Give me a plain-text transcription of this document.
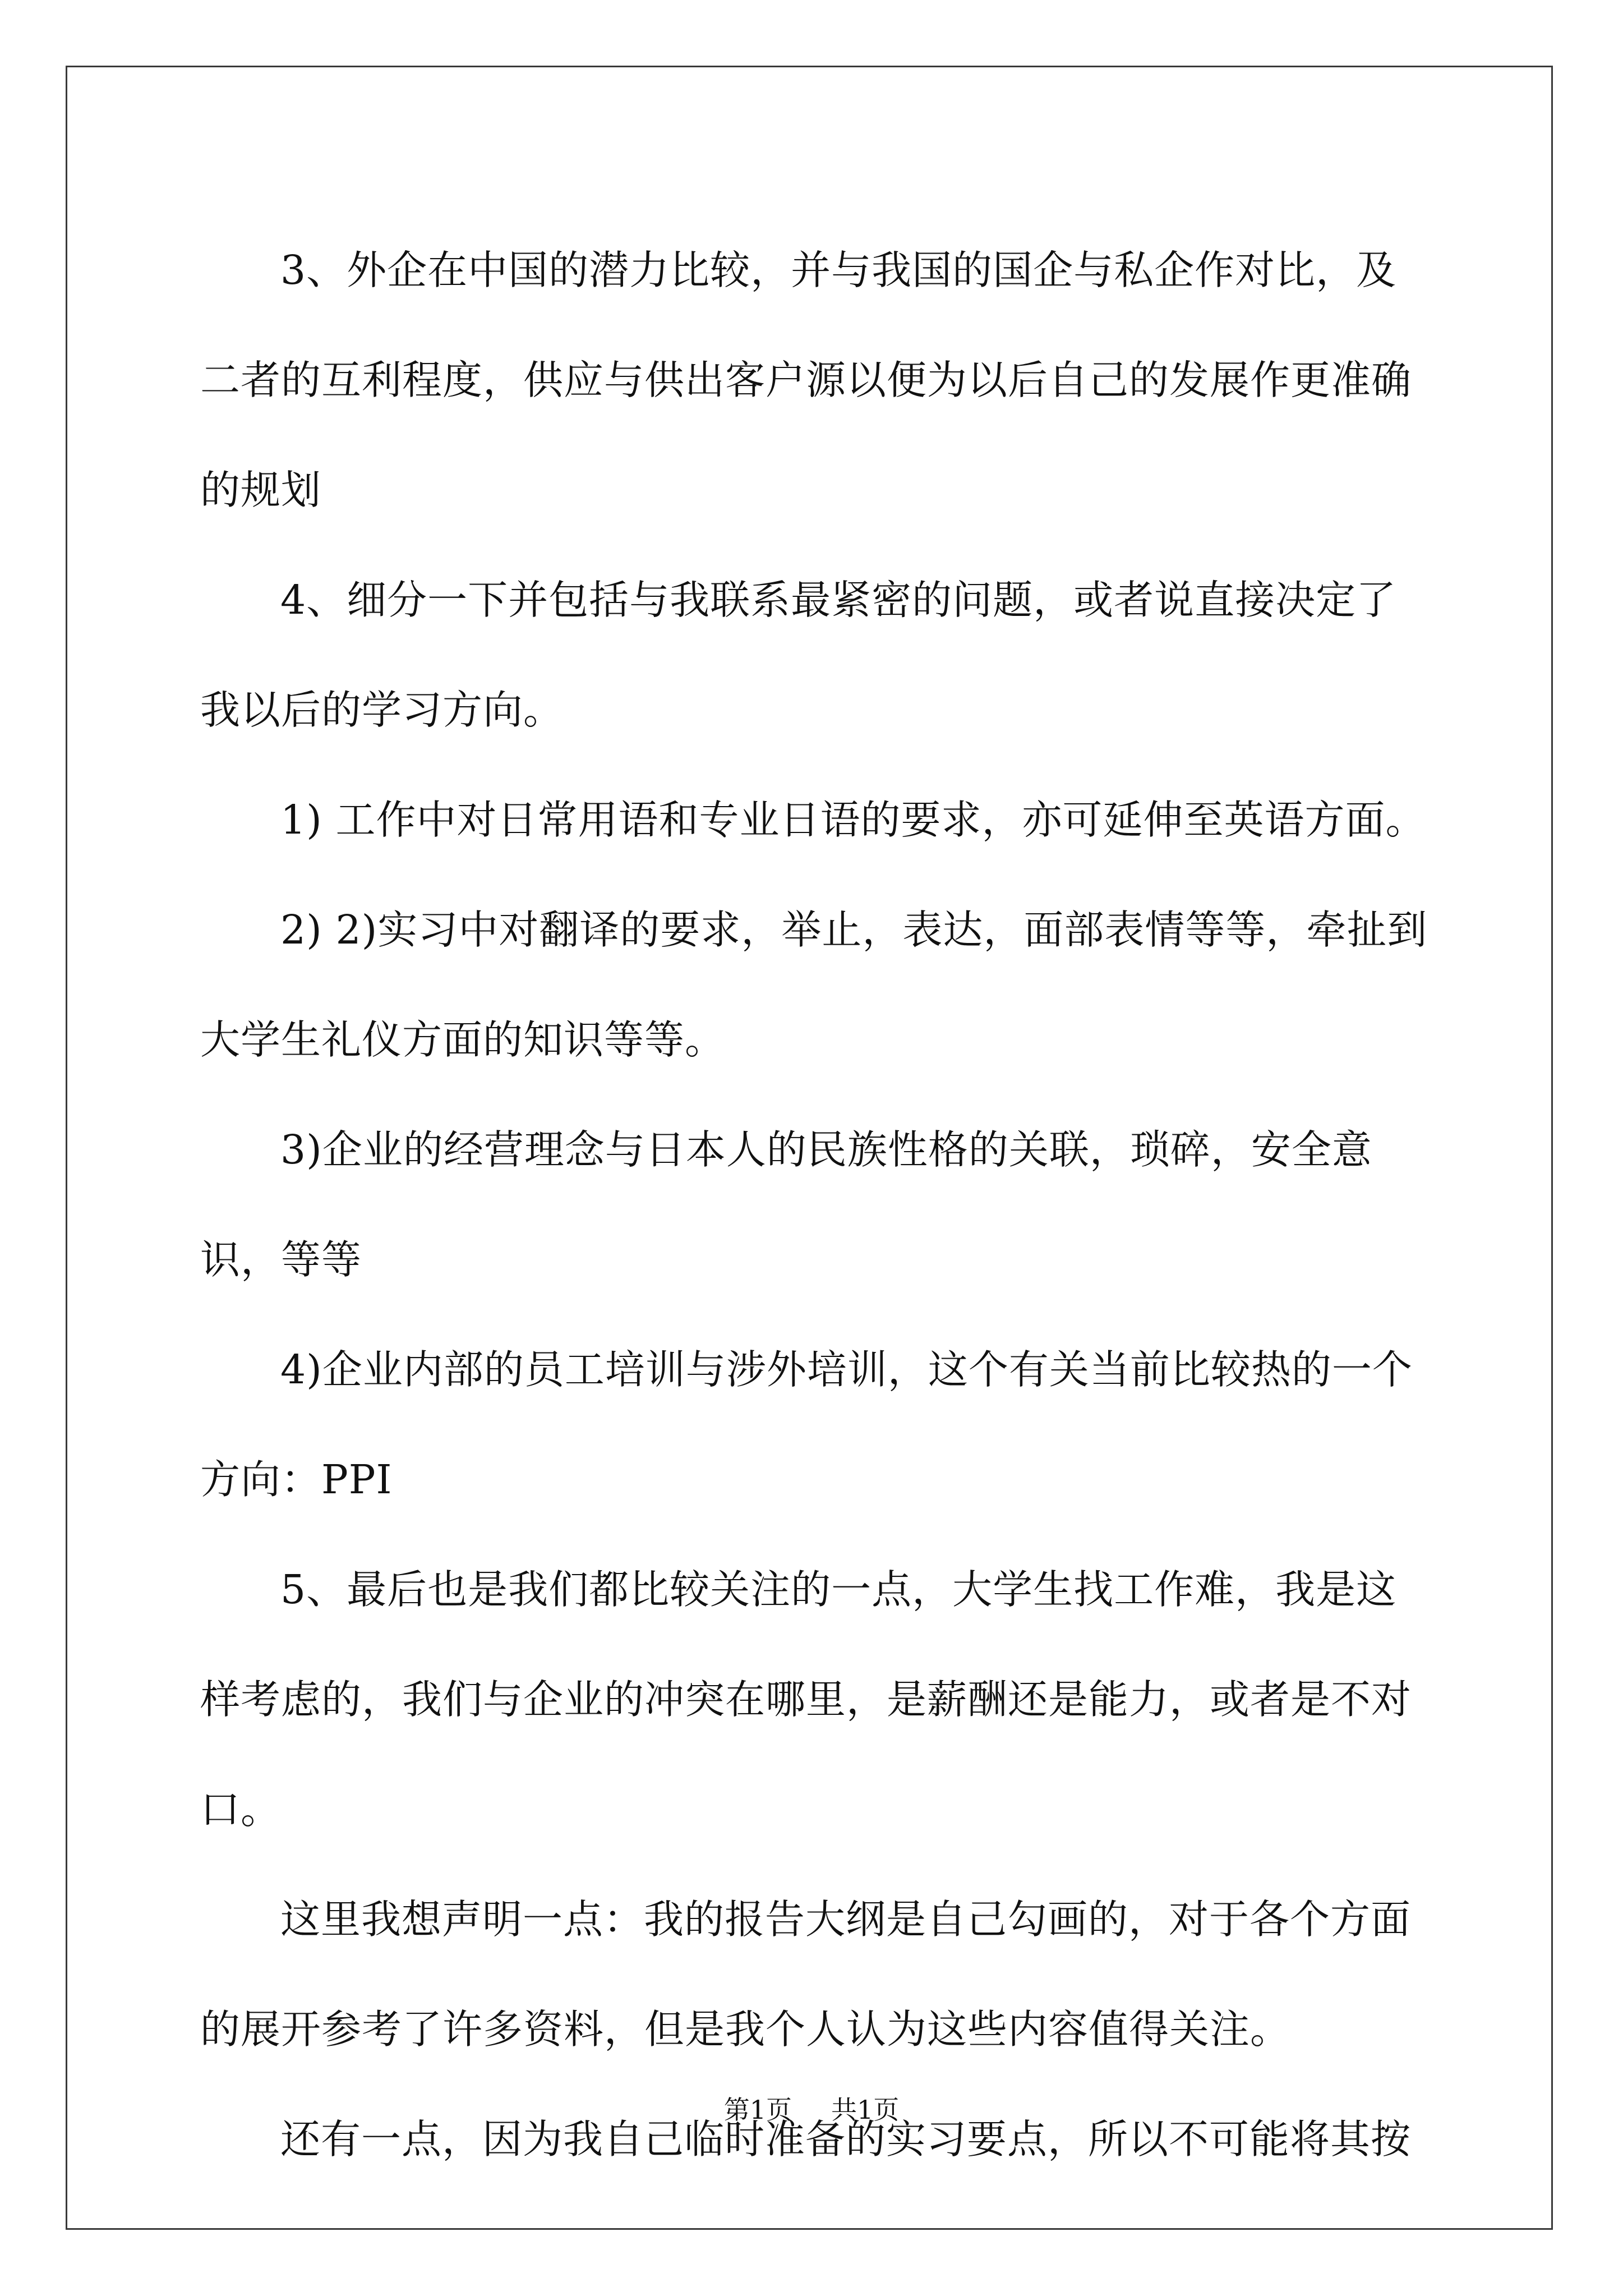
3、外企在中国的潜力比较，并与我国的国企与私企作对比，及二者的互利程度，供应与供出客户源以便为以后自己的发展作更准确的规划

4、细分一下并包括与我联系最紧密的问题，或者说直接决定了我以后的学习方向。

1) 工作中对日常用语和专业日语的要求，亦可延伸至英语方面。

2) 2)实习中对翻译的要求，举止，表达，面部表情等等，牵扯到大学生礼仪方面的知识等等。

3)企业的经营理念与日本人的民族性格的关联，琐碎，安全意识，等等

4)企业内部的员工培训与涉外培训，这个有关当前比较热的一个方向：PPI

5、最后也是我们都比较关注的一点，大学生找工作难，我是这样考虑的，我们与企业的冲突在哪里，是薪酬还是能力，或者是不对口。

这里我想声明一点：我的报告大纲是自己勾画的，对于各个方面的展开参考了许多资料，但是我个人认为这些内容值得关注。

还有一点，因为我自己临时准备的实习要点，所以不可能将其按

第1页 共1页
